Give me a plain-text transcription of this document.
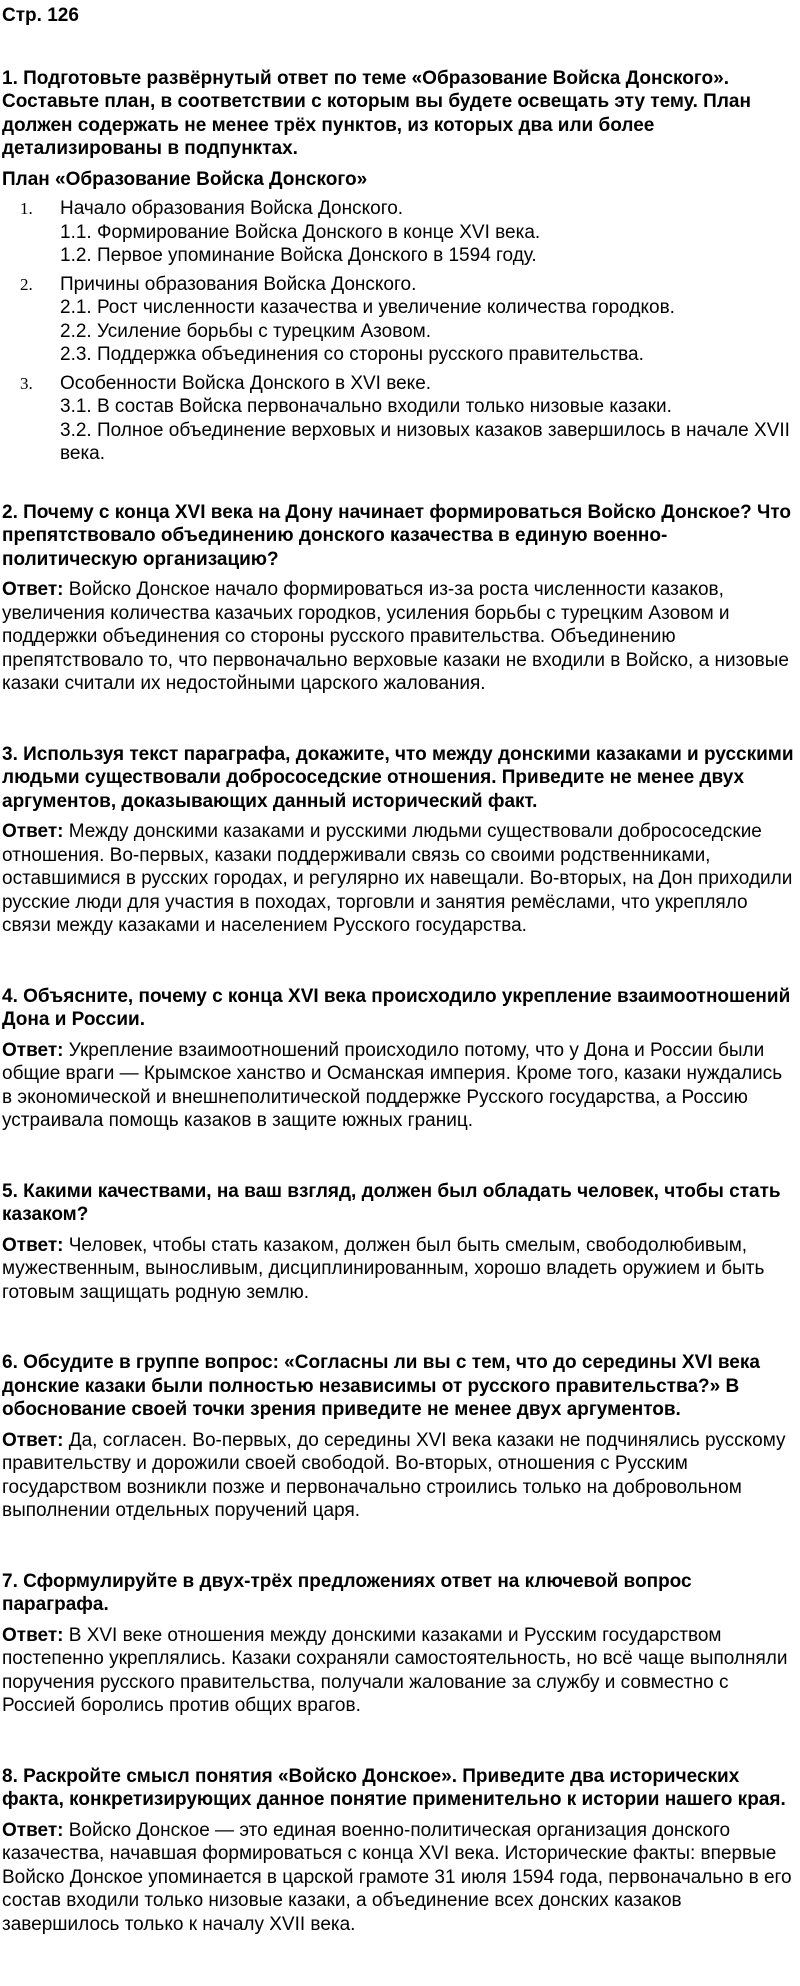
Стр. 126
1. Подготовьте развёрнутый ответ по теме «Образование Войска Донского». Составьте план, в соответствии с которым вы будете освещать эту тему. План должен содержать не менее трёх пунктов, из которых два или более детализированы в подпунктах.
План «Образование Войска Донского»
1. Начало образования Войска Донского.
1.1. Формирование Войска Донского в конце XVI века.
1.2. Первое упоминание Войска Донского в 1594 году.
2. Причины образования Войска Донского.
2.1. Рост численности казачества и увеличение количества городков.
2.2. Усиление борьбы с турецким Азовом.
2.3. Поддержка объединения со стороны русского правительства.
3. Особенности Войска Донского в XVI веке.
3.1. В состав Войска первоначально входили только низовые казаки.
3.2. Полное объединение верховых и низовых казаков завершилось в начале XVII века.
2. Почему с конца XVI века на Дону начинает формироваться Войско Донское? Что препятствовало объединению донского казачества в единую военно-политическую организацию?
Ответ: Войско Донское начало формироваться из-за роста численности казаков, увеличения количества казачьих городков, усиления борьбы с турецким Азовом и поддержки объединения со стороны русского правительства. Объединению препятствовало то, что первоначально верховые казаки не входили в Войско, а низовые казаки считали их недостойными царского жалования.
3. Используя текст параграфа, докажите, что между донскими казаками и русскими людьми существовали добрососедские отношения. Приведите не менее двух аргументов, доказывающих данный исторический факт.
Ответ: Между донскими казаками и русскими людьми существовали добрососедские отношения. Во-первых, казаки поддерживали связь со своими родственниками, оставшимися в русских городах, и регулярно их навещали. Во-вторых, на Дон приходили русские люди для участия в походах, торговли и занятия ремёслами, что укрепляло связи между казаками и населением Русского государства.
4. Объясните, почему с конца XVI века происходило укрепление взаимоотношений Дона и России.
Ответ: Укрепление взаимоотношений происходило потому, что у Дона и России были общие враги — Крымское ханство и Османская империя. Кроме того, казаки нуждались в экономической и внешнеполитической поддержке Русского государства, а Россию устраивала помощь казаков в защите южных границ.
5. Какими качествами, на ваш взгляд, должен был обладать человек, чтобы стать казаком?
Ответ: Человек, чтобы стать казаком, должен был быть смелым, свободолюбивым, мужественным, выносливым, дисциплинированным, хорошо владеть оружием и быть готовым защищать родную землю.
6. Обсудите в группе вопрос: «Согласны ли вы с тем, что до середины XVI века донские казаки были полностью независимы от русского правительства?» В обоснование своей точки зрения приведите не менее двух аргументов.
Ответ: Да, согласен. Во-первых, до середины XVI века казаки не подчинялись русскому правительству и дорожили своей свободой. Во-вторых, отношения с Русским государством возникли позже и первоначально строились только на добровольном выполнении отдельных поручений царя.
7. Сформулируйте в двух-трёх предложениях ответ на ключевой вопрос параграфа.
Ответ: В XVI веке отношения между донскими казаками и Русским государством постепенно укреплялись. Казаки сохраняли самостоятельность, но всё чаще выполняли поручения русского правительства, получали жалование за службу и совместно с Россией боролись против общих врагов.
8. Раскройте смысл понятия «Войско Донское». Приведите два исторических факта, конкретизирующих данное понятие применительно к истории нашего края.
Ответ: Войско Донское — это единая военно-политическая организация донского казачества, начавшая формироваться с конца XVI века. Исторические факты: впервые Войско Донское упоминается в царской грамоте 31 июля 1594 года, первоначально в его состав входили только низовые казаки, а объединение всех донских казаков завершилось только к началу XVII века.
